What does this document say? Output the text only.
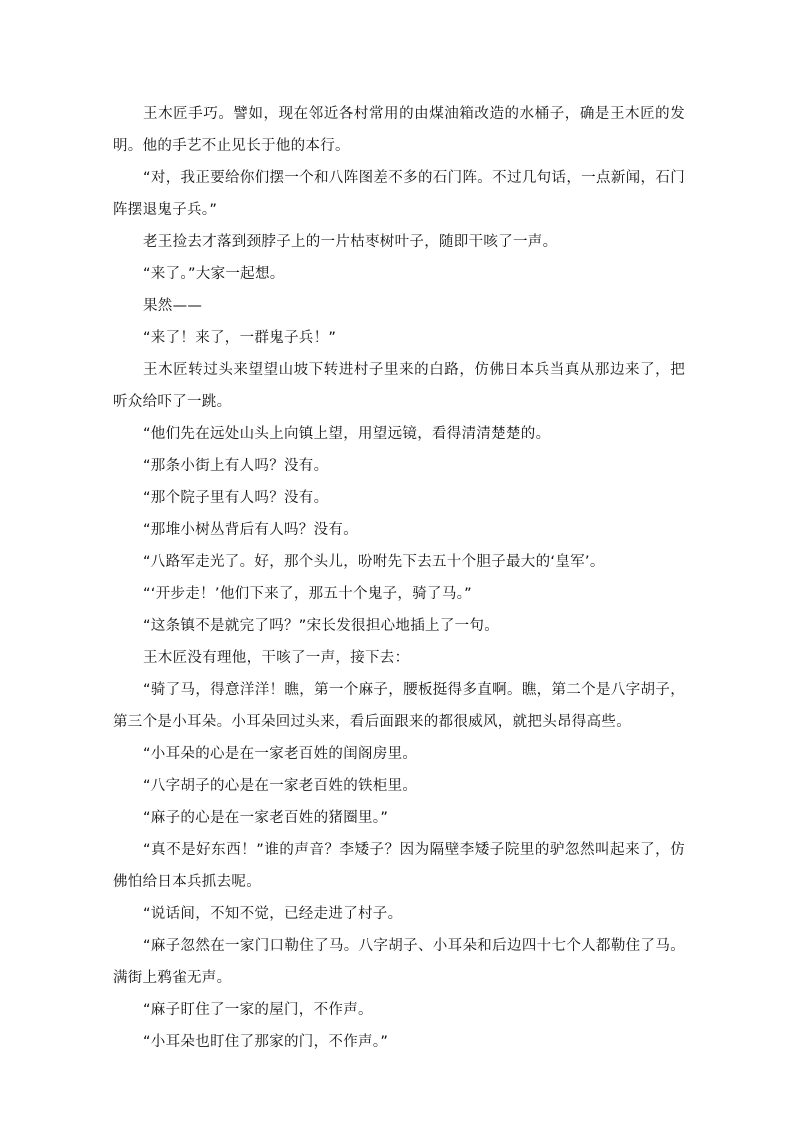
王木匠手巧。譬如，现在邻近各村常用的由煤油箱改造的水桶子，确是王木匠的发明。他的手艺不止见长于他的本行。

“对，我正要给你们摆一个和八阵图差不多的石门阵。不过几句话，一点新闻，石门阵摆退鬼子兵。”

老王捡去才落到颈脖子上的一片枯枣树叶子，随即干咳了一声。

“来了。”大家一起想。

果然——

“来了！来了，一群鬼子兵！”

王木匠转过头来望望山坡下转进村子里来的白路，仿佛日本兵当真从那边来了，把听众给吓了一跳。

“他们先在远处山头上向镇上望，用望远镜，看得清清楚楚的。

“那条小街上有人吗？没有。

“那个院子里有人吗？没有。

“那堆小树丛背后有人吗？没有。

“八路军走光了。好，那个头儿，吩咐先下去五十个胆子最大的‘皇军’。

“‘开步走！’他们下来了，那五十个鬼子，骑了马。”

“这条镇不是就完了吗？”宋长发很担心地插上了一句。

王木匠没有理他，干咳了一声，接下去：

“骑了马，得意洋洋！瞧，第一个麻子，腰板挺得多直啊。瞧，第二个是八字胡子，第三个是小耳朵。小耳朵回过头来，看后面跟来的都很威风，就把头昂得高些。

“小耳朵的心是在一家老百姓的闺阁房里。

“八字胡子的心是在一家老百姓的铁柜里。

“麻子的心是在一家老百姓的猪圈里。”

“真不是好东西！”谁的声音？李矮子？因为隔壁李矮子院里的驴忽然叫起来了，仿佛怕给日本兵抓去呢。

“说话间，不知不觉，已经走进了村子。

“麻子忽然在一家门口勒住了马。八字胡子、小耳朵和后边四十七个人都勒住了马。满街上鸦雀无声。

“麻子盯住了一家的屋门，不作声。

“小耳朵也盯住了那家的门，不作声。”
